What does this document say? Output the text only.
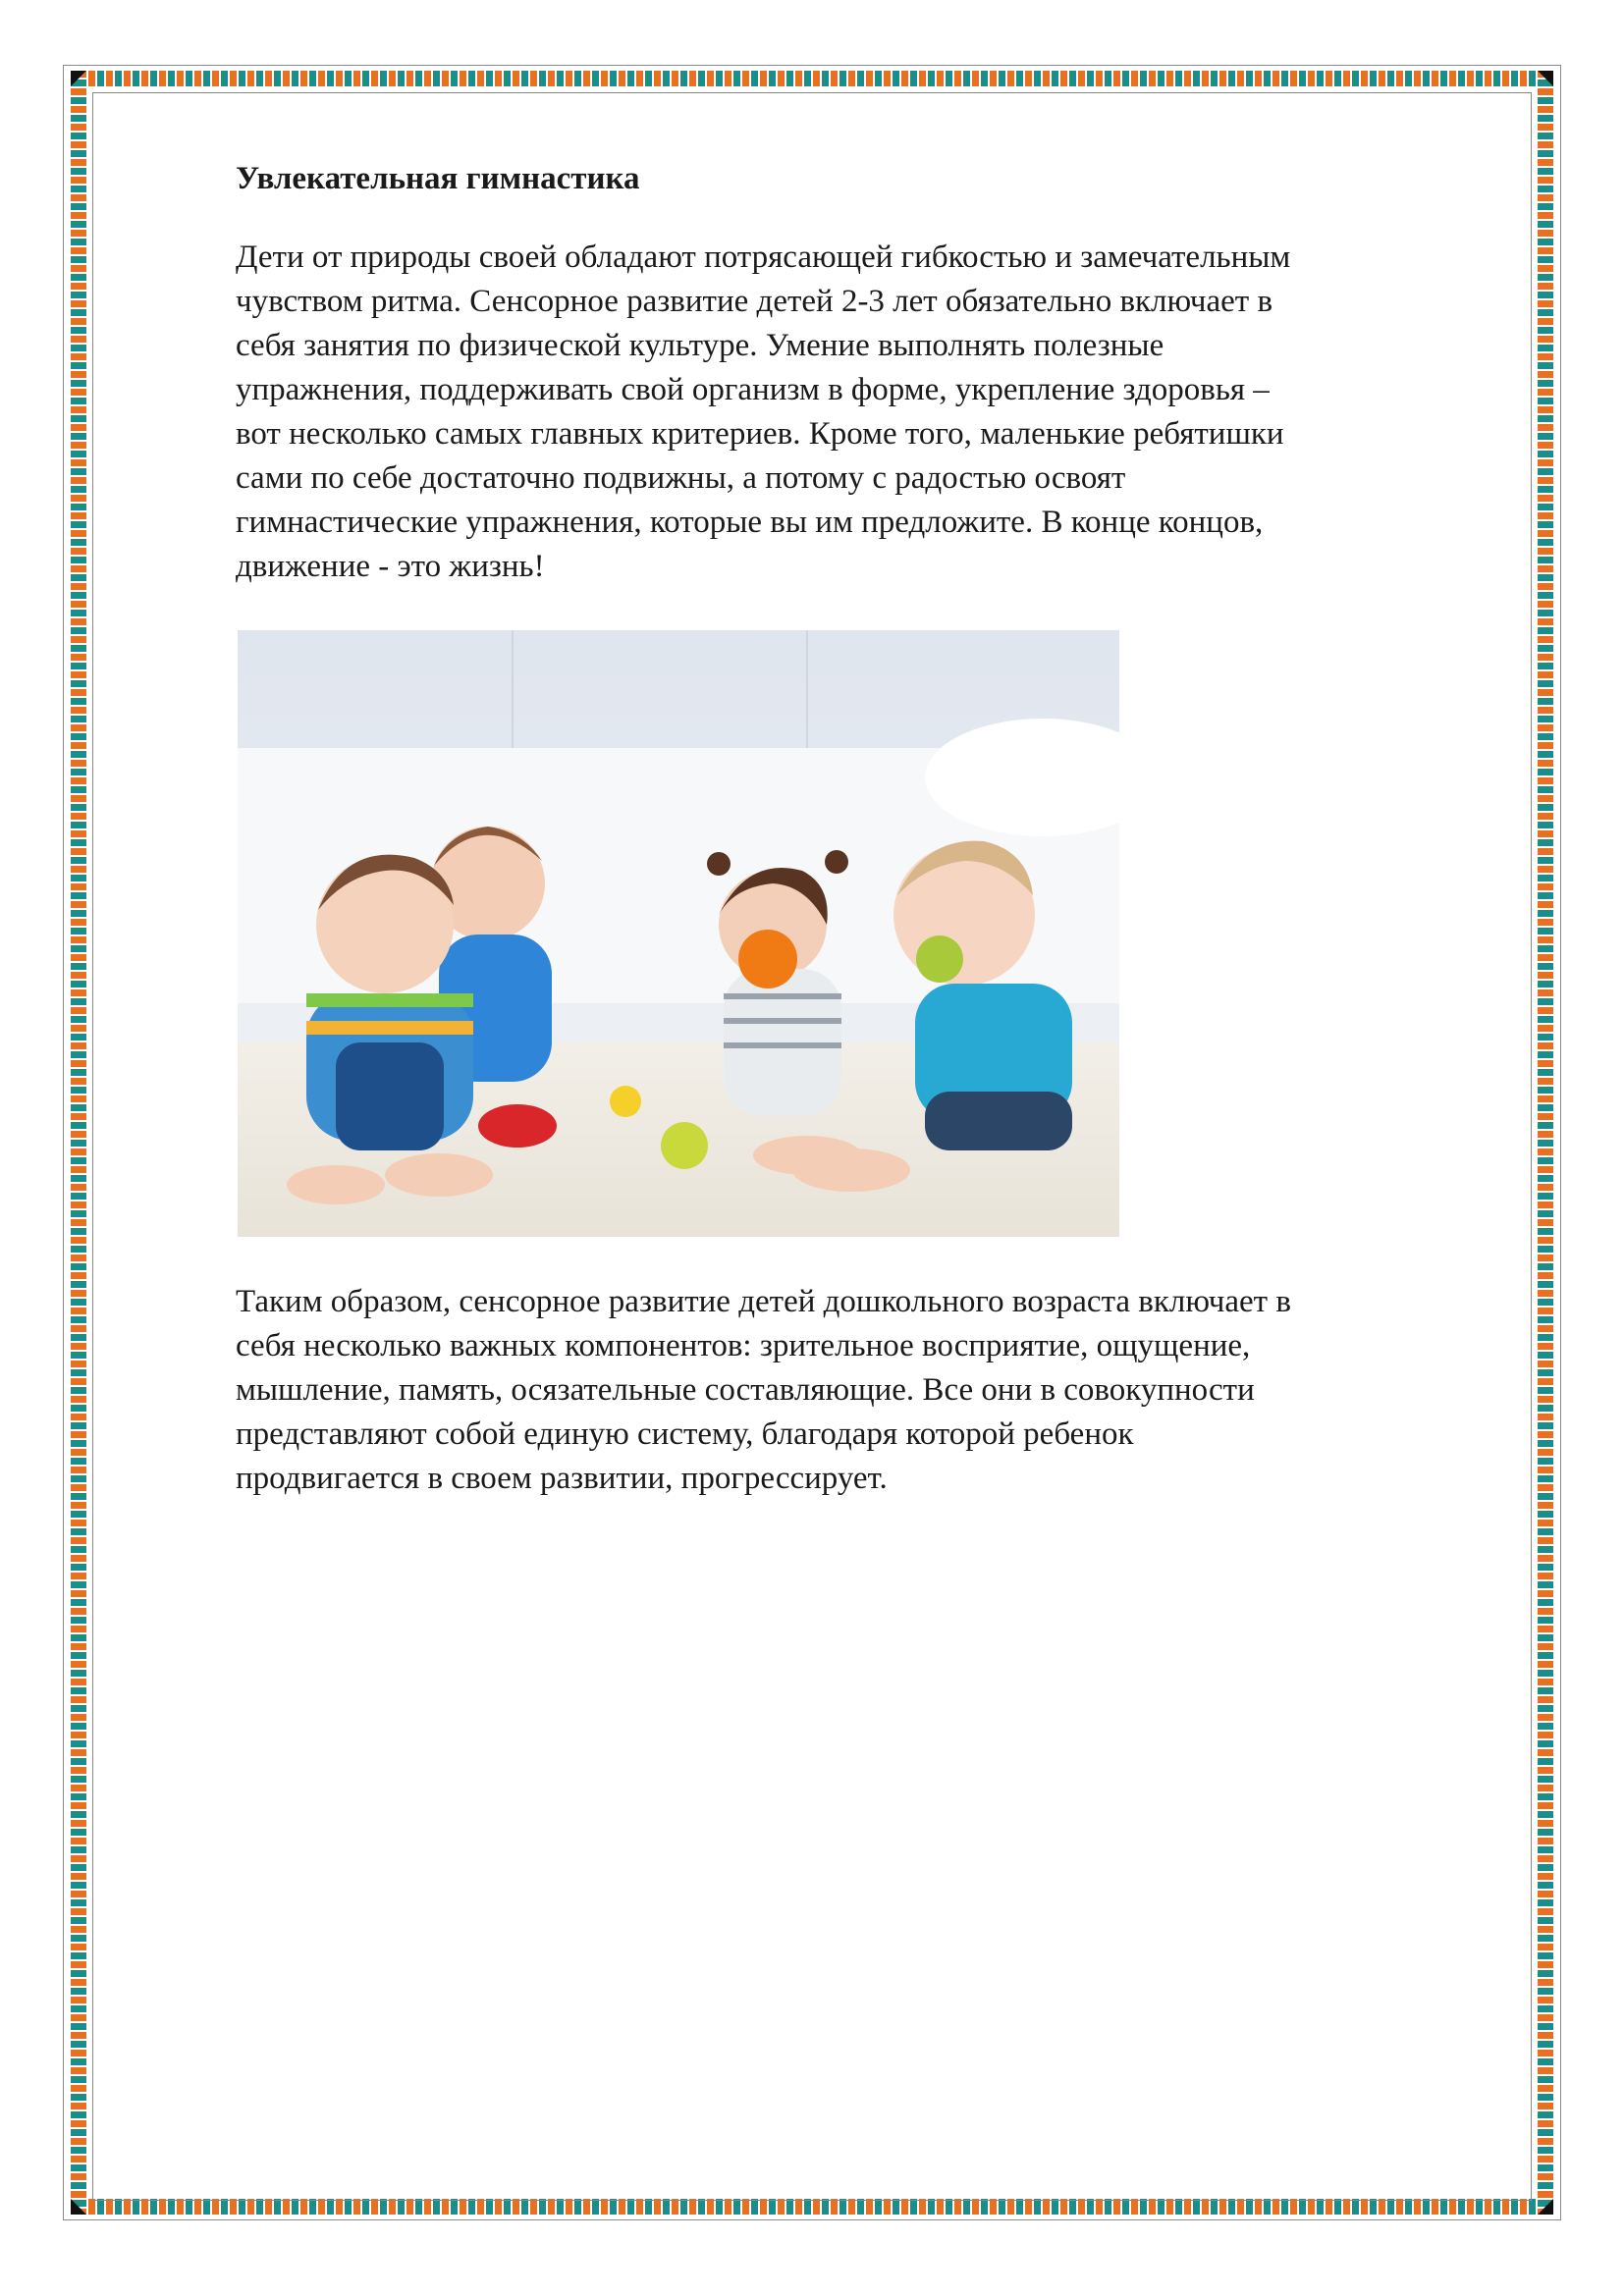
Увлекательная гимнастика

Дети от природы своей обладают потрясающей гибкостью и замечательным
чувством ритма. Сенсорное развитие детей 2-3 лет обязательно включает в
себя занятия по физической культуре. Умение выполнять полезные
упражнения, поддерживать свой организм в форме, укрепление здоровья –
вот несколько самых главных критериев. Кроме того, маленькие ребятишки
сами по себе достаточно подвижны, а потому с радостью освоят
гимнастические упражнения, которые вы им предложите. В конце концов,
движение - это жизнь!

Таким образом, сенсорное развитие детей дошкольного возраста включает в
себя несколько важных компонентов: зрительное восприятие, ощущение,
мышление, память, осязательные составляющие. Все они в совокупности
представляют собой единую систему, благодаря которой ребенок
продвигается в своем развитии, прогрессирует.
